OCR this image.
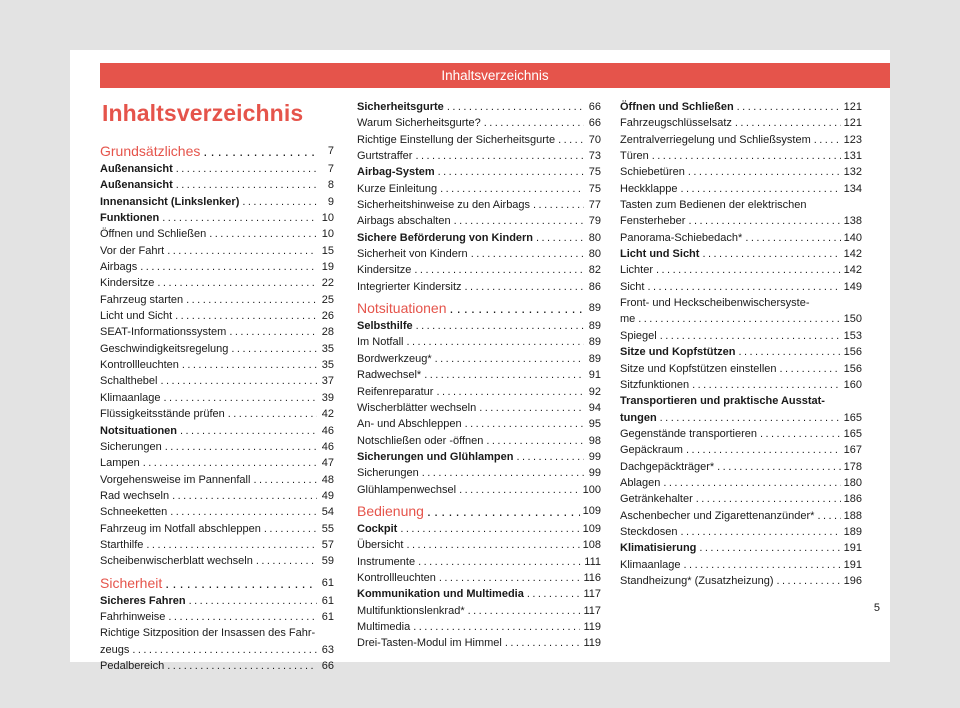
Inhaltsverzeichnis
Inhaltsverzeichnis
Grundsätzliches . . .	7
Außenansicht . . .	7
Außenansicht . . .	8
Innenansicht (Linkslenker) . . .	9
Funktionen . . .	10
Öffnen und Schließen . . .	10
Vor der Fahrt . . .	15
Airbags . . .	19
Kindersitze . . .	22
Fahrzeug starten . . .	25
Licht und Sicht . . .	26
SEAT-Informationssystem . . .	28
Geschwindigkeitsregelung . . .	35
Kontrollleuchten . . .	35
Schalthebel . . .	37
Klimaanlage . . .	39
Flüssigkeitsstände prüfen . . .	42
Notsituationen . . .	46
Sicherungen . . .	46
Lampen . . .	47
Vorgehensweise im Pannenfall . . .	48
Rad wechseln . . .	49
Schneeketten . . .	54
Fahrzeug im Notfall abschleppen . . .	55
Starthilfe . . .	57
Scheibenwischerblatt wechseln . . .	59
Sicherheit . . .	61
Sicheres Fahren . . .	61
Fahrhinweise . . .	61
Richtige Sitzposition der Insassen des Fahr-
zeugs . . .	63
Pedalbereich . . .	66
Sicherheitsgurte . . .	66
Warum Sicherheitsgurte? . . .	66
Richtige Einstellung der Sicherheitsgurte . . .	70
Gurtstraffer . . .	73
Airbag-System . . .	75
Kurze Einleitung . . .	75
Sicherheitshinweise zu den Airbags . . .	77
Airbags abschalten . . .	79
Sichere Beförderung von Kindern . . .	80
Sicherheit von Kindern . . .	80
Kindersitze . . .	82
Integrierter Kindersitz . . .	86
Notsituationen . . .	89
Selbsthilfe . . .	89
Im Notfall . . .	89
Bordwerkzeug* . . .	89
Radwechsel* . . .	91
Reifenreparatur . . .	92
Wischerblätter wechseln . . .	94
An- und Abschleppen . . .	95
Notschließen oder -öffnen . . .	98
Sicherungen und Glühlampen . . .	99
Sicherungen . . .	99
Glühlampenwechsel . . .	100
Bedienung . . .	109
Cockpit . . .	109
Übersicht . . .	108
Instrumente . . .	111
Kontrollleuchten . . .	116
Kommunikation und Multimedia . . .	117
Multifunktionslenkrad* . . .	117
Multimedia . . .	119
Drei-Tasten-Modul im Himmel . . .	119
Öffnen und Schließen . . .	121
Fahrzeugschlüsselsatz . . .	121
Zentralverriegelung und Schließsystem . . .	123
Türen . . .	131
Schiebetüren . . .	132
Heckklappe . . .	134
Tasten zum Bedienen der elektrischen
Fensterheber . . .	138
Panorama-Schiebedach* . . .	140
Licht und Sicht . . .	142
Lichter . . .	142
Sicht . . .	149
Front- und Heckscheibenwischersyste-
me . . .	150
Spiegel . . .	153
Sitze und Kopfstützen . . .	156
Sitze und Kopfstützen einstellen . . .	156
Sitzfunktionen . . .	160
Transportieren und praktische Ausstat-
tungen . . .	165
Gegenstände transportieren . . .	165
Gepäckraum . . .	167
Dachgepäckträger* . . .	178
Ablagen . . .	180
Getränkehalter . . .	186
Aschenbecher und Zigarettenanzünder* . . .	188
Steckdosen . . .	189
Klimatisierung . . .	191
Klimaanlage . . .	191
Standheizung* (Zusatzheizung) . . .	196
5
